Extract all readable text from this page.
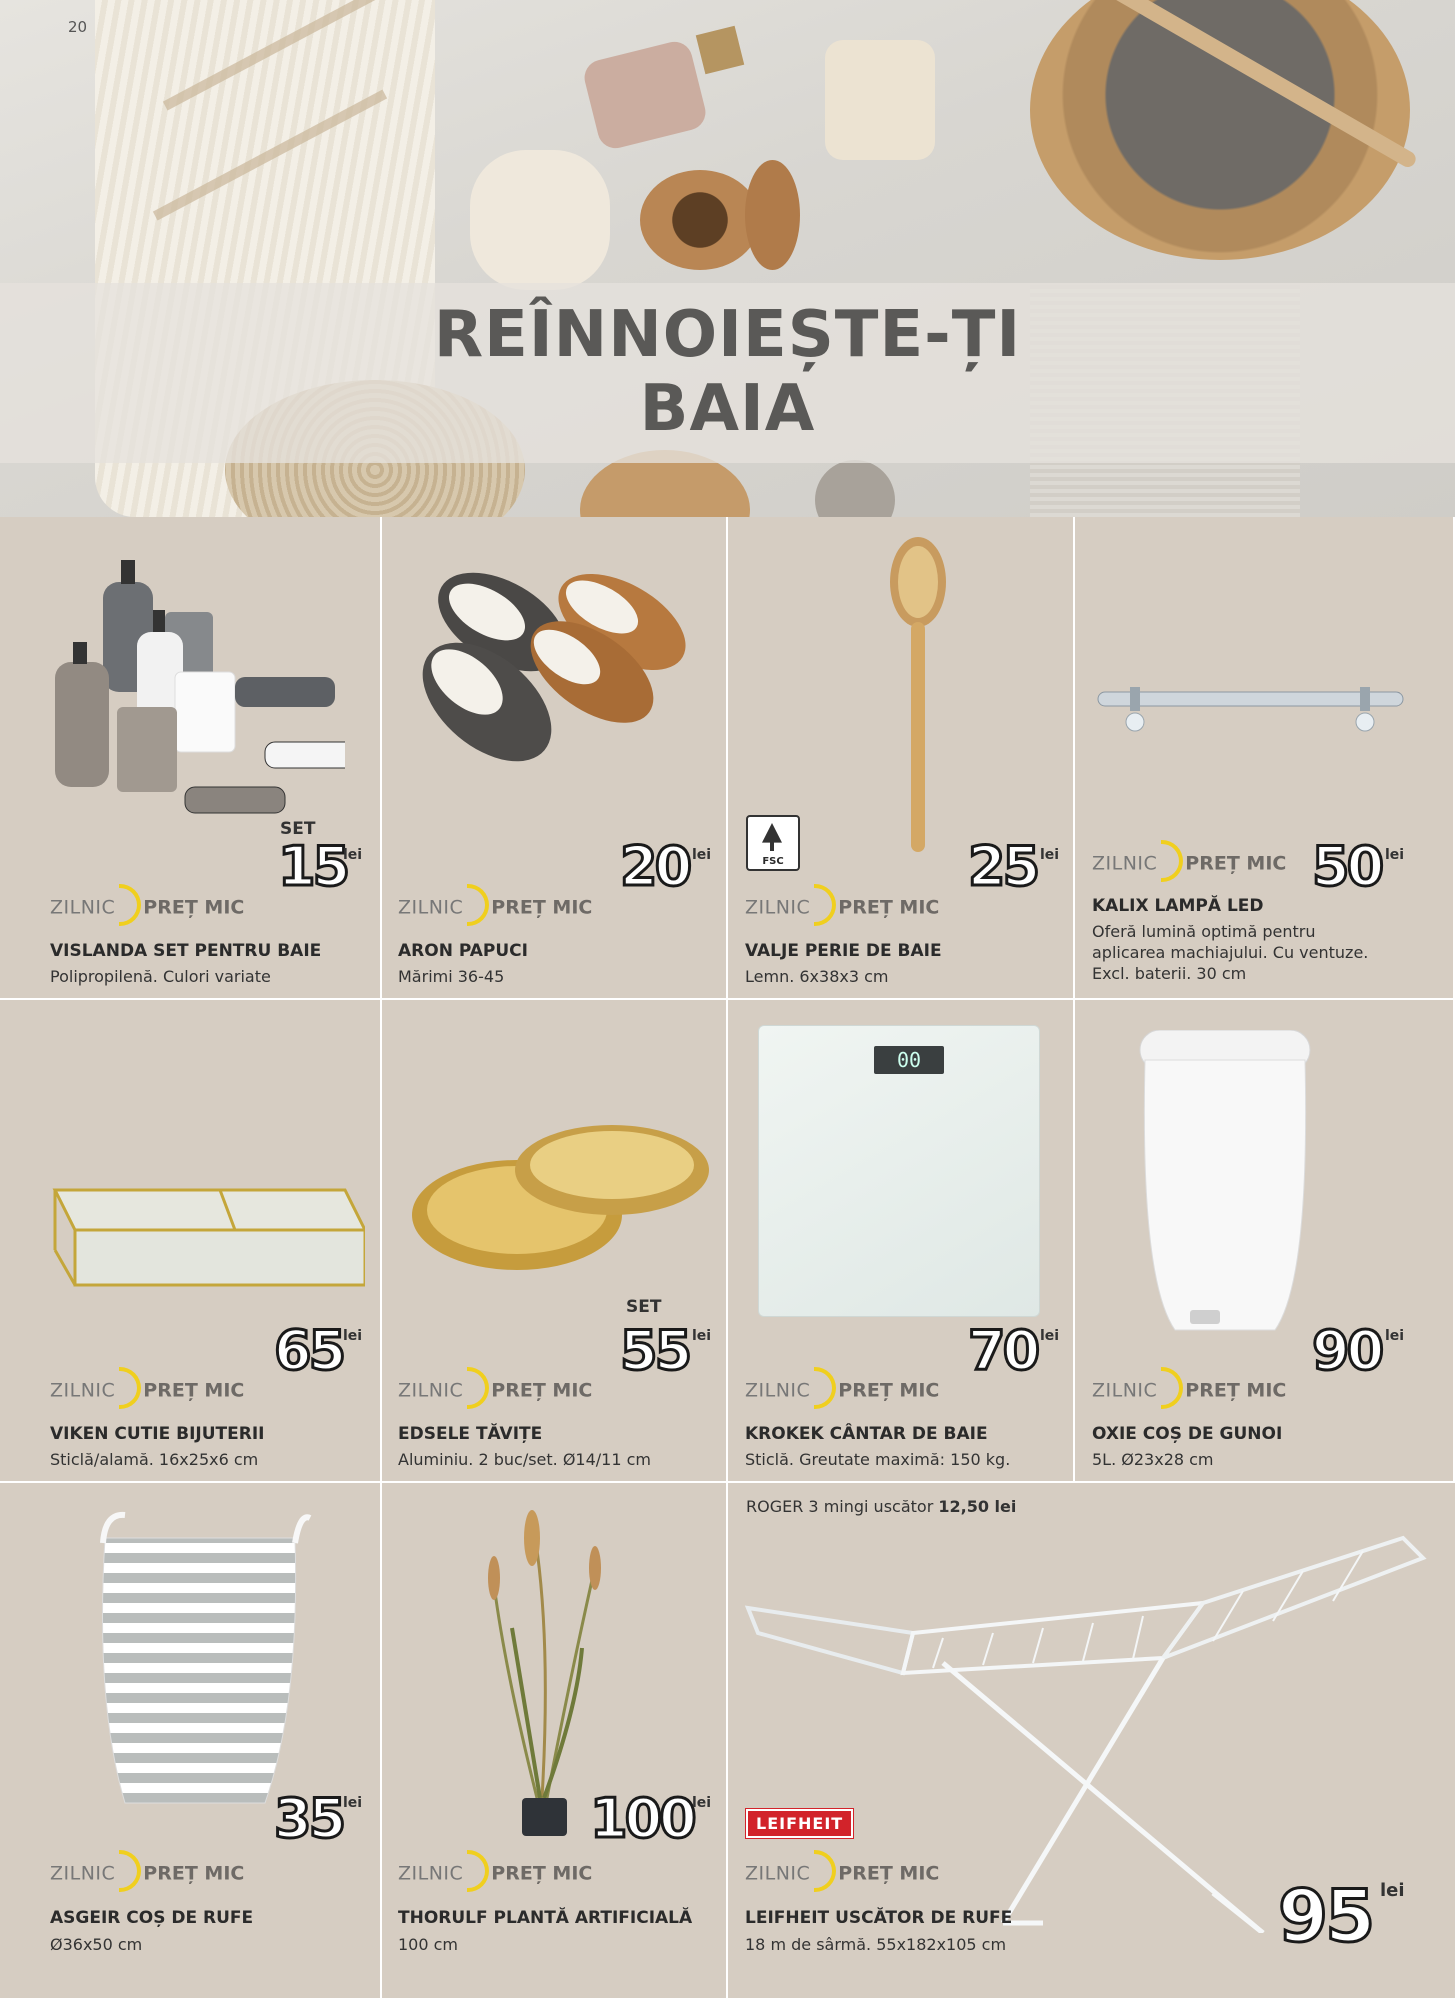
REÎNNOIEȘTE-ȚI
BAIA
20
SET
FSC
SET
00
ROGER 3 mingi uscător 12,50 lei
LEIFHEIT
ZILNIC PREȚ MIC
15
lei
VISLANDA SET PENTRU BAIE

Polipropilenă. Culori variate

ZILNIC PREȚ MIC
20 lei
ARON PAPUCI

Mărimi 36-45

ZILNIC PREȚ MIC
25 lei
VALJE PERIE DE BAIE

Lemn. 6x38x3 cm

ZILNIC PREȚ MIC 50 lei
KALIX LAMPĂ LED

Oferă lumină optimă pentru aplicarea machiajului. Cu ventuze. Excl. baterii. 30 cm

ZILNIC PREȚ MIC
65 lei
VIKEN CUTIE BIJUTERII

Sticlă/alamă. 16x25x6 cm

ZILNIC PREȚ MIC
55 lei
EDSELE TĂVIȚE

Aluminiu. 2 buc/set. Ø14/11 cm

ZILNIC PREȚ MIC
70 lei
KROKEK CÂNTAR DE BAIE

Sticlă. Greutate maximă: 150 kg.

ZILNIC PREȚ MIC
90 lei
OXIE COȘ DE GUNOI

5L. Ø23x28 cm

ZILNIC PREȚ MIC
35 lei
ASGEIR COȘ DE RUFE

Ø36x50 cm

ZILNIC PREȚ MIC
100
lei
THORULF PLANTĂ ARTIFICIALĂ

100 cm

ZILNIC PREȚ MIC
95 lei
LEIFHEIT USCĂTOR DE RUFE

18 m de sârmă. 55x182x105 cm
